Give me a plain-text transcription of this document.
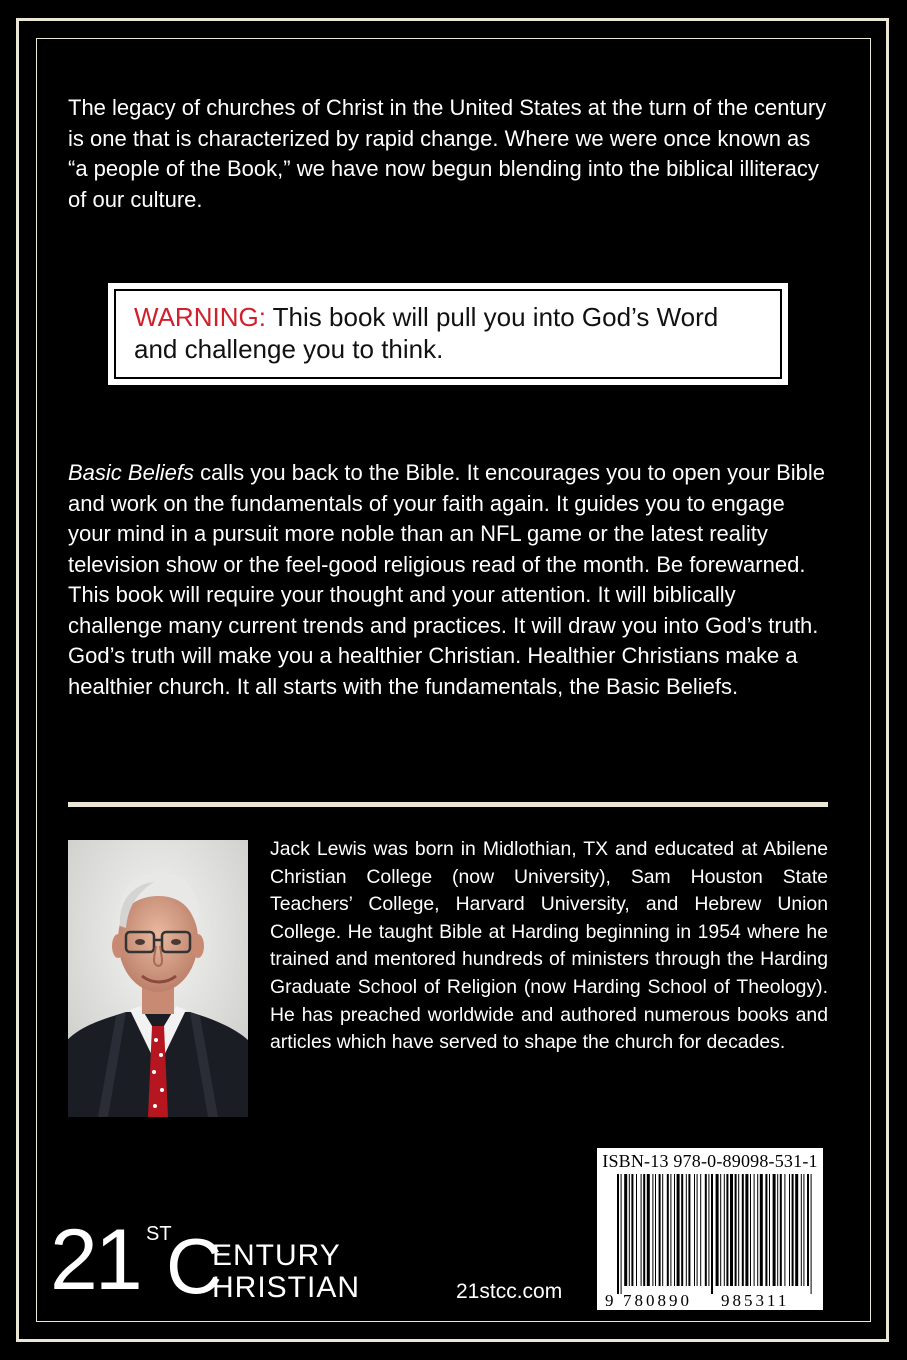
The legacy of churches of Christ in the United States at the turn of the century is one that is characterized by rapid change. Where we were once known as “a people of the Book,” we have now begun blending into the biblical illiteracy of our culture.

WARNING: This book will pull you into God’s Word and challenge you to think.

Basic Beliefs calls you back to the Bible. It encourages you to open your Bible and work on the fundamentals of your faith again. It guides you to engage your mind in a pursuit more noble than an NFL game or the latest reality television show or the feel-good religious read of the month. Be forewarned. This book will require your thought and your attention. It will biblically challenge many current trends and practices. It will draw you into God’s truth. God’s truth will make you a healthier Christian. Healthier Christians make a healthier church. It all starts with the fundamentals, the Basic Beliefs.

Jack Lewis was born in Midlothian, TX and educated at Abilene Christian College (now University), Sam Houston State Teachers’ College, Harvard University, and Hebrew Union College. He taught Bible at Harding beginning in 1954 where he trained and mentored hundreds of ministers through the Harding Graduate School of Religion (now Harding School of Theology). He has preached worldwide and authored numerous books and articles which have served to shape the church for decades.

ISBN-13 978-0-89098-531-1
9 780890 985311
21 ST
C
ENTURY
HRISTIAN	21stcc.com
